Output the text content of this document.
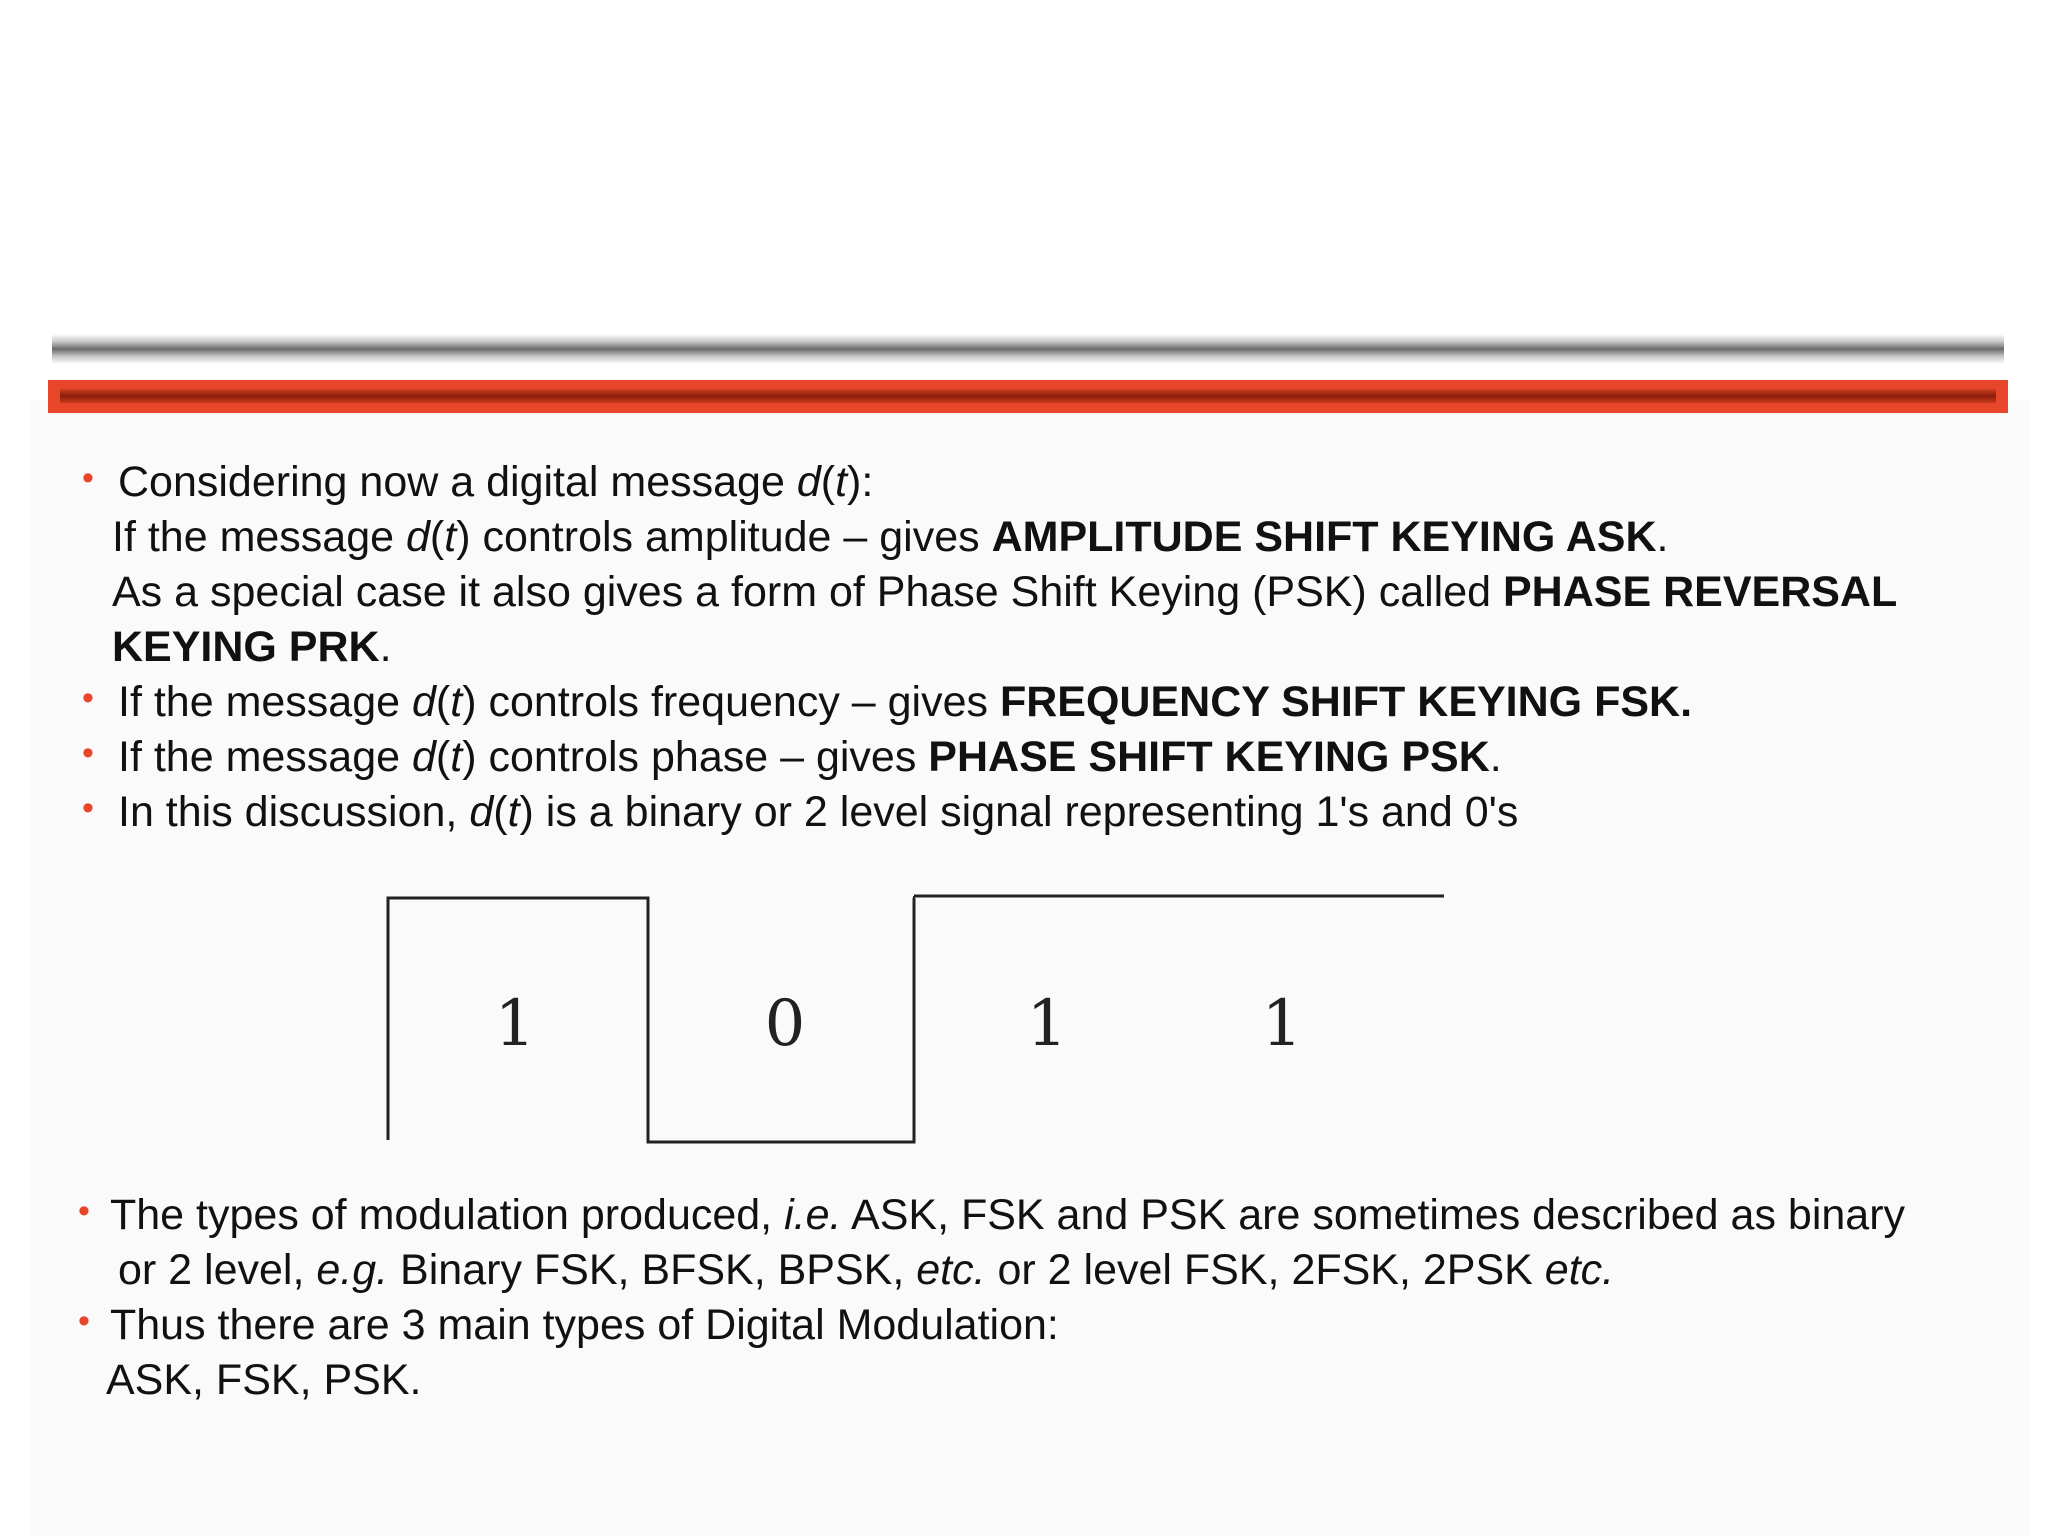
• Considering now a digital message d(t):
If the message d(t) controls amplitude – gives AMPLITUDE SHIFT KEYING ASK.
As a special case it also gives a form of Phase Shift Keying (PSK) called PHASE REVERSAL
KEYING PRK.
• If the message d(t) controls frequency – gives FREQUENCY SHIFT KEYING FSK.
• If the message d(t) controls phase – gives PHASE SHIFT KEYING PSK.
• In this discussion, d(t) is a binary or 2 level signal representing 1's and 0's
1	0	1	1
• The types of modulation produced, i.e. ASK, FSK and PSK are sometimes described as binary
or 2 level, e.g. Binary FSK, BFSK, BPSK, etc. or 2 level FSK, 2FSK, 2PSK etc.
• Thus there are 3 main types of Digital Modulation:
ASK, FSK, PSK.
